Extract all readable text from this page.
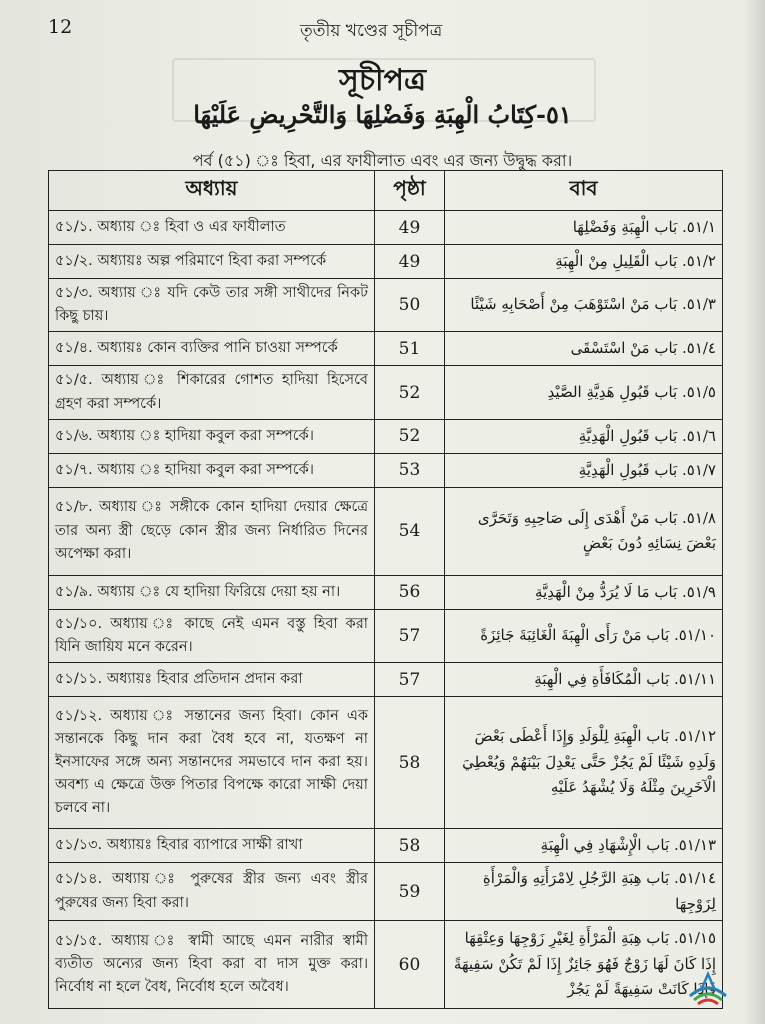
12	তৃতীয় খণ্ডের সূচীপত্র
সূচীপত্র
٥١-كِتَابُ الْهِبَةِ وَفَضْلِهَا وَالتَّحْرِيضِ عَلَيْهَا
পর্ব (৫১) ঃ হিবা, এর ফাযীলাত এবং এর জন্য উদ্বুদ্ধ করা।
অধ্যায়	পৃষ্ঠা	বাব
৫১/১. অধ্যায় ঃ হিবা ও এর ফাযীলাত	49	٥١/١. بَاب الْهِبَةِ وَفَضْلِهَا
৫১/২. অধ্যায়ঃ অল্প পরিমাণে হিবা করা সম্পর্কে	49	٥١/٢. بَاب الْقَلِيلِ مِنْ الْهِبَةِ
৫১/৩. অধ্যায় ঃ যদি কেউ তার সঙ্গী সাথীদের নিকট কিছু চায়।	50	٥١/٣. بَاب مَنْ اسْتَوْهَبَ مِنْ أَصْحَابِهِ شَيْئًا
৫১/৪. অধ্যায়ঃ কোন ব্যক্তির পানি চাওয়া সম্পর্কে	51	٥١/٤. بَاب مَنْ اسْتَسْقَى
৫১/৫. অধ্যায় ঃ শিকারের গোশত হাদিয়া হিসেবে গ্রহণ করা সম্পর্কে।	52	٥١/٥. بَاب قَبُولِ هَدِيَّةِ الصَّيْدِ
৫১/৬. অধ্যায় ঃ হাদিয়া কবুল করা সম্পর্কে।	52	٥١/٦. بَاب قَبُولِ الْهَدِيَّةِ
৫১/৭. অধ্যায় ঃ হাদিয়া কবুল করা সম্পর্কে।	53	٥١/٧. بَاب قَبُولِ الْهَدِيَّةِ
৫১/৮. অধ্যায় ঃ সঙ্গীকে কোন হাদিয়া দেয়ার ক্ষেত্রে তার অন্য স্ত্রী ছেড়ে কোন স্ত্রীর জন্য নির্ধারিত দিনের অপেক্ষা করা।	54	٥١/٨. بَاب مَنْ أَهْدَى إِلَى صَاحِبِهِ وَتَحَرَّى بَعْضَ نِسَائِهِ دُونَ بَعْضٍ
৫১/৯. অধ্যায় ঃ যে হাদিয়া ফিরিয়ে দেয়া হয় না।	56	٥١/٩. بَاب مَا لَا يُرَدُّ مِنْ الْهَدِيَّةِ
৫১/১০. অধ্যায় ঃ কাছে নেই এমন বস্তু হিবা করা যিনি জায়িয মনে করেন।	57	٥١/١٠. بَاب مَنْ رَأَى الْهِبَةَ الْغَائِبَةَ جَائِزَةً
৫১/১১. অধ্যায়ঃ হিবার প্রতিদান প্রদান করা	57	٥١/١١. بَاب الْمُكَافَأَةِ فِي الْهِبَةِ
৫১/১২. অধ্যায় ঃ সন্তানের জন্য হিবা। কোন এক সন্তানকে কিছু দান করা বৈধ হবে না, যতক্ষণ না ইনসাফের সঙ্গে অন্য সন্তানদের সমভাবে দান করা হয়। অবশ্য এ ক্ষেত্রে উক্ত পিতার বিপক্ষে কারো সাক্ষী দেয়া চলবে না।	58	٥١/١٢. بَاب الْهِبَةِ لِلْوَلَدِ وَإِذَا أَعْطَى بَعْضَ وَلَدِهِ شَيْئًا لَمْ يَجُزْ حَتَّى يَعْدِلَ بَيْنَهُمْ وَيُعْطِيَ الْآخَرِينَ مِثْلَهُ وَلَا يُشْهَدُ عَلَيْهِ
৫১/১৩. অধ্যায়ঃ হিবার ব্যাপারে সাক্ষী রাখা	58	٥١/١٣. بَاب الْإِشْهَادِ فِي الْهِبَةِ
৫১/১৪. অধ্যায় ঃ পুরুষের স্ত্রীর জন্য এবং স্ত্রীর পুরুষের জন্য হিবা করা।	59	٥١/١٤. بَاب هِبَةِ الرَّجُلِ لِامْرَأَتِهِ وَالْمَرْأَةِ لِزَوْجِهَا
৫১/১৫. অধ্যায় ঃ স্বামী আছে এমন নারীর স্বামী ব্যতীত অন্যের জন্য হিবা করা বা দাস মুক্ত করা। নির্বোধ না হলে বৈধ, নির্বোধ হলে অবৈধ।	60	٥١/١٥. بَاب هِبَةِ الْمَرْأَةِ لِغَيْرِ زَوْجِهَا وَعِتْقِهَا إِذَا كَانَ لَهَا زَوْجٌ فَهُوَ جَائِزٌ إِذَا لَمْ تَكُنْ سَفِيهَةً فَإِذَا كَانَتْ سَفِيهَةً لَمْ يَجُزْ
